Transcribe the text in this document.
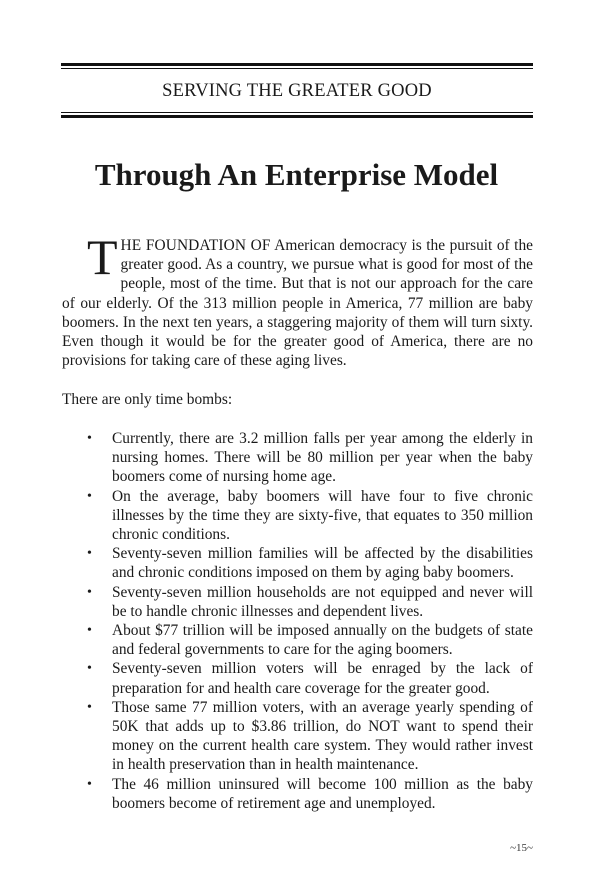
SERVING THE GREATER GOOD
Through An Enterprise Model
THE FOUNDATION OF American democracy is the pursuit of the greater good. As a country, we pursue what is good for most of the people, most of the time. But that is not our approach for the care of our elderly. Of the 313 million people in America, 77 million are baby boomers. In the next ten years, a staggering majority of them will turn sixty. Even though it would be for the greater good of America, there are no provisions for taking care of these aging lives.
There are only time bombs:
• Currently, there are 3.2 million falls per year among the elderly in nursing homes. There will be 80 million per year when the baby boomers come of nursing home age.
• On the average, baby boomers will have four to five chronic illnesses by the time they are sixty-five, that equates to 350 million chronic conditions.
• Seventy-seven million families will be affected by the disabilities and chronic conditions imposed on them by aging baby boomers.
• Seventy-seven million households are not equipped and never will be to handle chronic illnesses and dependent lives.
• About $77 trillion will be imposed annually on the budgets of state and federal governments to care for the aging boomers.
• Seventy-seven million voters will be enraged by the lack of preparation for and health care coverage for the greater good.
• Those same 77 million voters, with an average yearly spending of 50K that adds up to $3.86 trillion, do NOT want to spend their money on the current health care system. They would rather invest in health preservation than in health maintenance.
• The 46 million uninsured will become 100 million as the baby boomers become of retirement age and unemployed.
~15~
